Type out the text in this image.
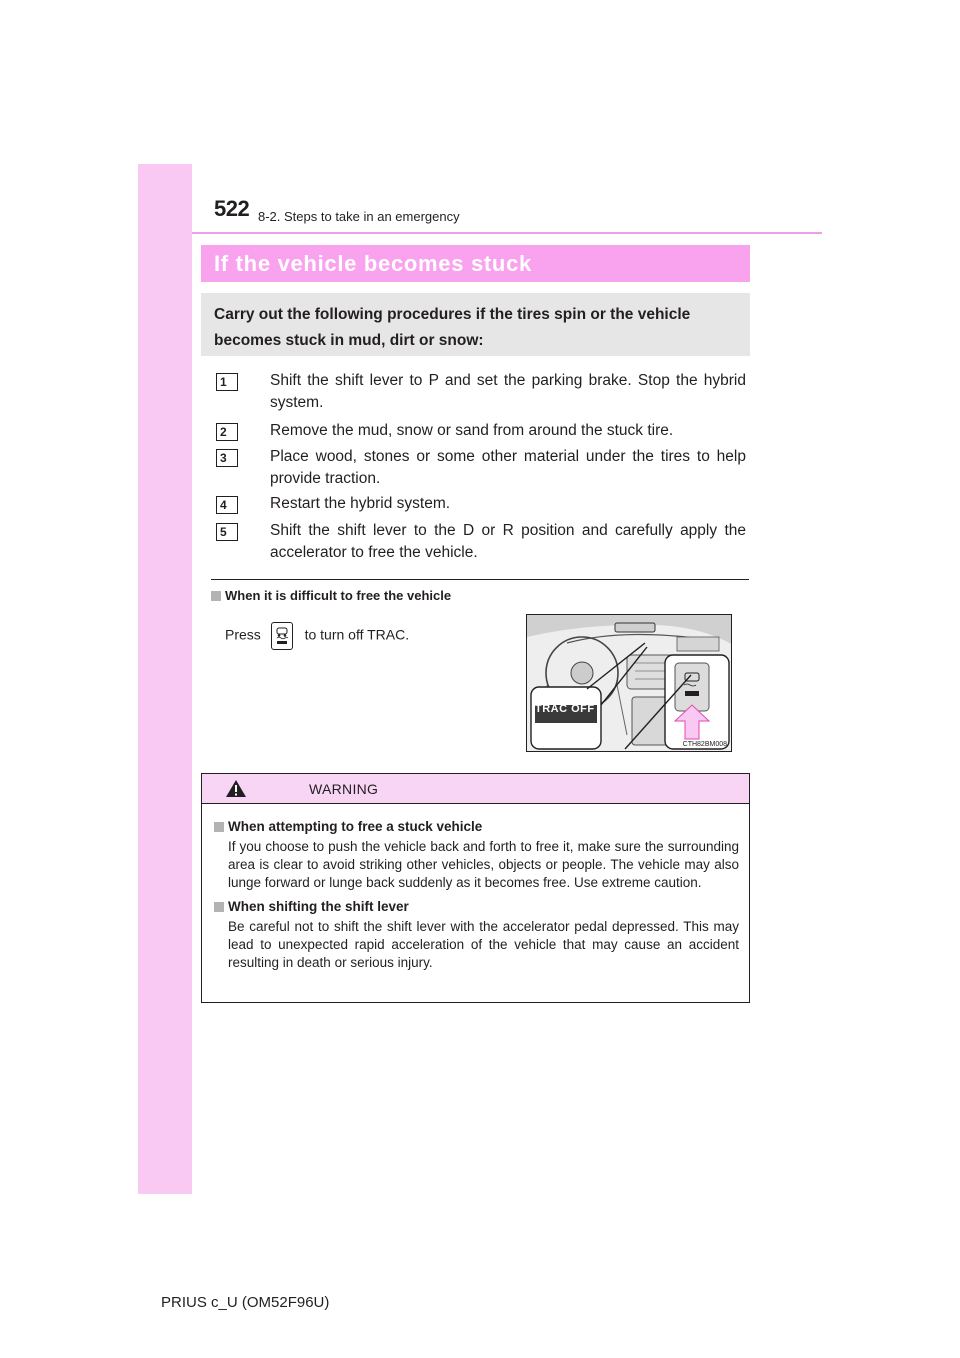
522 8-2. Steps to take in an emergency
If the vehicle becomes stuck
Carry out the following procedures if the tires spin or the vehicle becomes stuck in mud, dirt or snow:
1	Shift the shift lever to P and set the parking brake. Stop the hybrid system.
2	Remove the mud, snow or sand from around the stuck tire.
3	Place wood, stones or some other material under the tires to help provide traction.
4	Restart the hybrid system.
5	Shift the shift lever to the D or R position and carefully apply the accelerator to free the vehicle.
When it is difficult to free the vehicle
Press	to turn off TRAC.
TRAC OFF
CTH82BM008
WARNING
When attempting to free a stuck vehicle
If you choose to push the vehicle back and forth to free it, make sure the surrounding area is clear to avoid striking other vehicles, objects or people. The vehicle may also lunge forward or lunge back suddenly as it becomes free. Use extreme caution.
When shifting the shift lever
Be careful not to shift the shift lever with the accelerator pedal depressed. This may lead to unexpected rapid acceleration of the vehicle that may cause an accident resulting in death or serious injury.
PRIUS c_U (OM52F96U)
